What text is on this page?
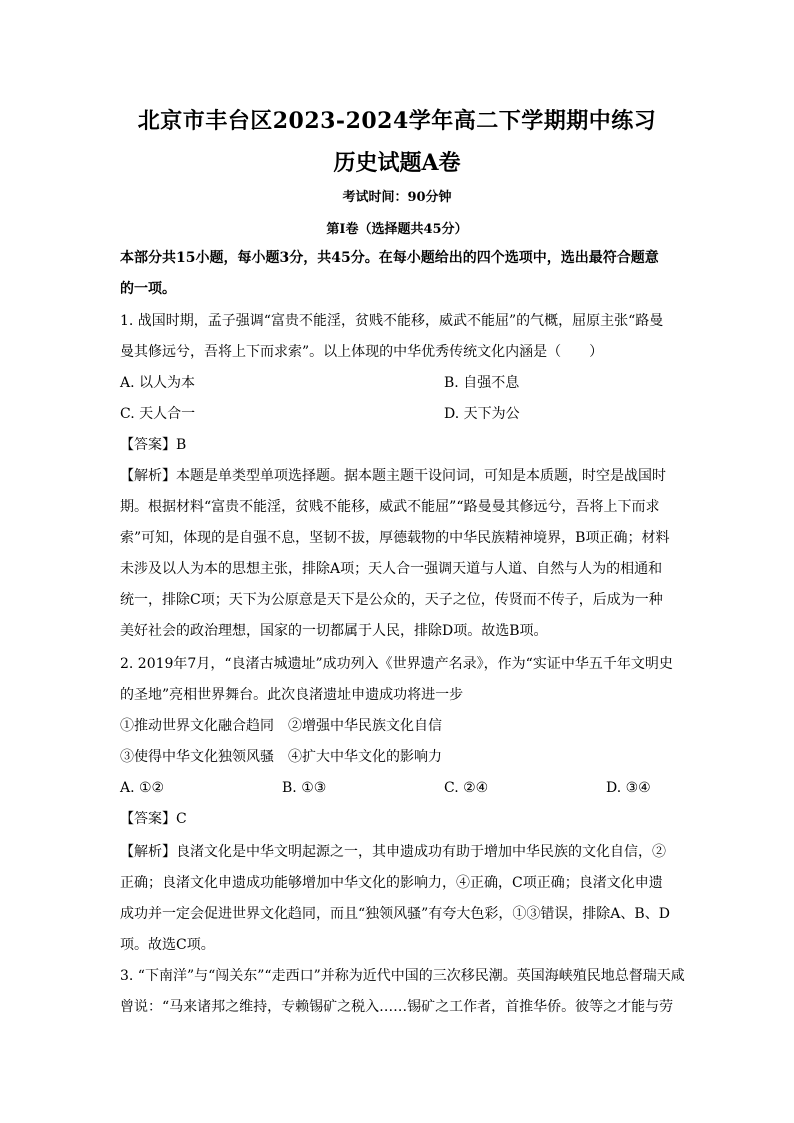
北京市丰台区2023-2024学年高二下学期期中练习
历史试题A卷
考试时间：90分钟
第I卷（选择题共45分）
本部分共15小题，每小题3分，共45分。在每小题给出的四个选项中，选出最符合题意
的一项。
1. 战国时期，孟子强调“富贵不能淫，贫贱不能移，威武不能屈”的气概，屈原主张“路曼
曼其修远兮，吾将上下而求索”。以上体现的中华优秀传统文化内涵是（　　）
A. 以人为本	B. 自强不息
C. 天人合一	D. 天下为公
【答案】B
【解析】本题是单类型单项选择题。据本题主题干设问词，可知是本质题，时空是战国时
期。根据材料“富贵不能淫，贫贱不能移，威武不能屈”“路曼曼其修远兮，吾将上下而求
索”可知，体现的是自强不息，坚韧不拔，厚德载物的中华民族精神境界，B项正确；材料
未涉及以人为本的思想主张，排除A项；天人合一强调天道与人道、自然与人为的相通和
统一，排除C项；天下为公原意是天下是公众的，天子之位，传贤而不传子，后成为一种
美好社会的政治理想，国家的一切都属于人民，排除D项。故选B项。
2. 2019年7月，“良渚古城遗址”成功列入《世界遗产名录》，作为“实证中华五千年文明史
的圣地”亮相世界舞台。此次良渚遗址申遗成功将进一步
①推动世界文化融合趋同　②增强中华民族文化自信
③使得中华文化独领风骚　④扩大中华文化的影响力
A. ①②	B. ①③	C. ②④	D. ③④
【答案】C
【解析】良渚文化是中华文明起源之一，其申遗成功有助于增加中华民族的文化自信，②
正确；良渚文化申遗成功能够增加中华文化的影响力，④正确，C项正确；良渚文化申遗
成功并一定会促进世界文化趋同，而且“独领风骚”有夸大色彩，①③错误，排除A、B、D
项。故选C项。
3. “下南洋”与“闯关东”“走西口”并称为近代中国的三次移民潮。英国海峡殖民地总督瑞天咸
曾说：“马来诸邦之维持，专赖锡矿之税入……锡矿之工作者，首推华侨。彼等之才能与劳
